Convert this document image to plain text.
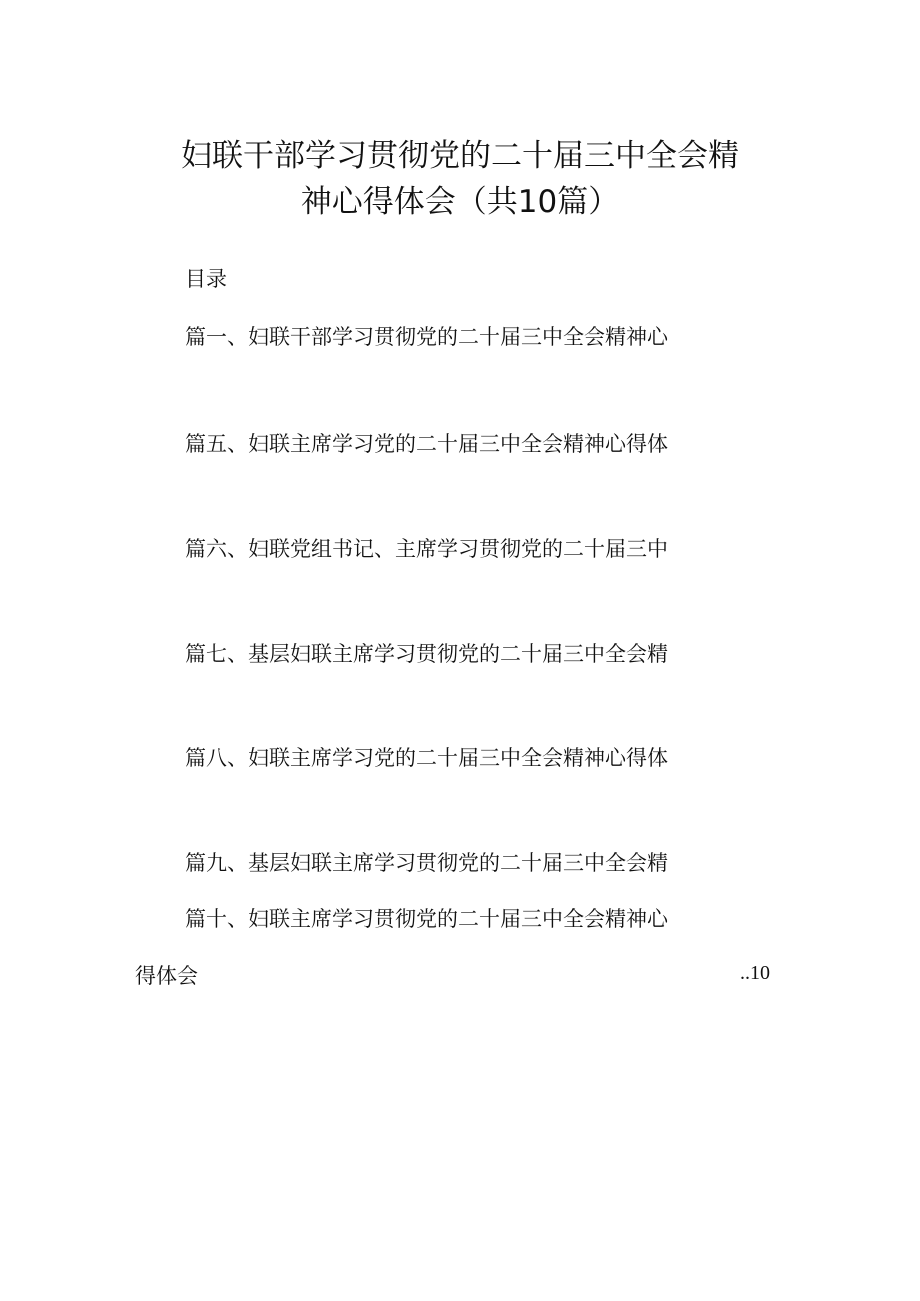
妇联干部学习贯彻党的二十届三中全会精
神心得体会（共10篇）
目录
篇一、妇联干部学习贯彻党的二十届三中全会精神心
篇五、妇联主席学习党的二十届三中全会精神心得体
篇六、妇联党组书记、主席学习贯彻党的二十届三中
篇七、基层妇联主席学习贯彻党的二十届三中全会精
篇八、妇联主席学习党的二十届三中全会精神心得体
篇九、基层妇联主席学习贯彻党的二十届三中全会精
篇十、妇联主席学习贯彻党的二十届三中全会精神心
得体会	..10
